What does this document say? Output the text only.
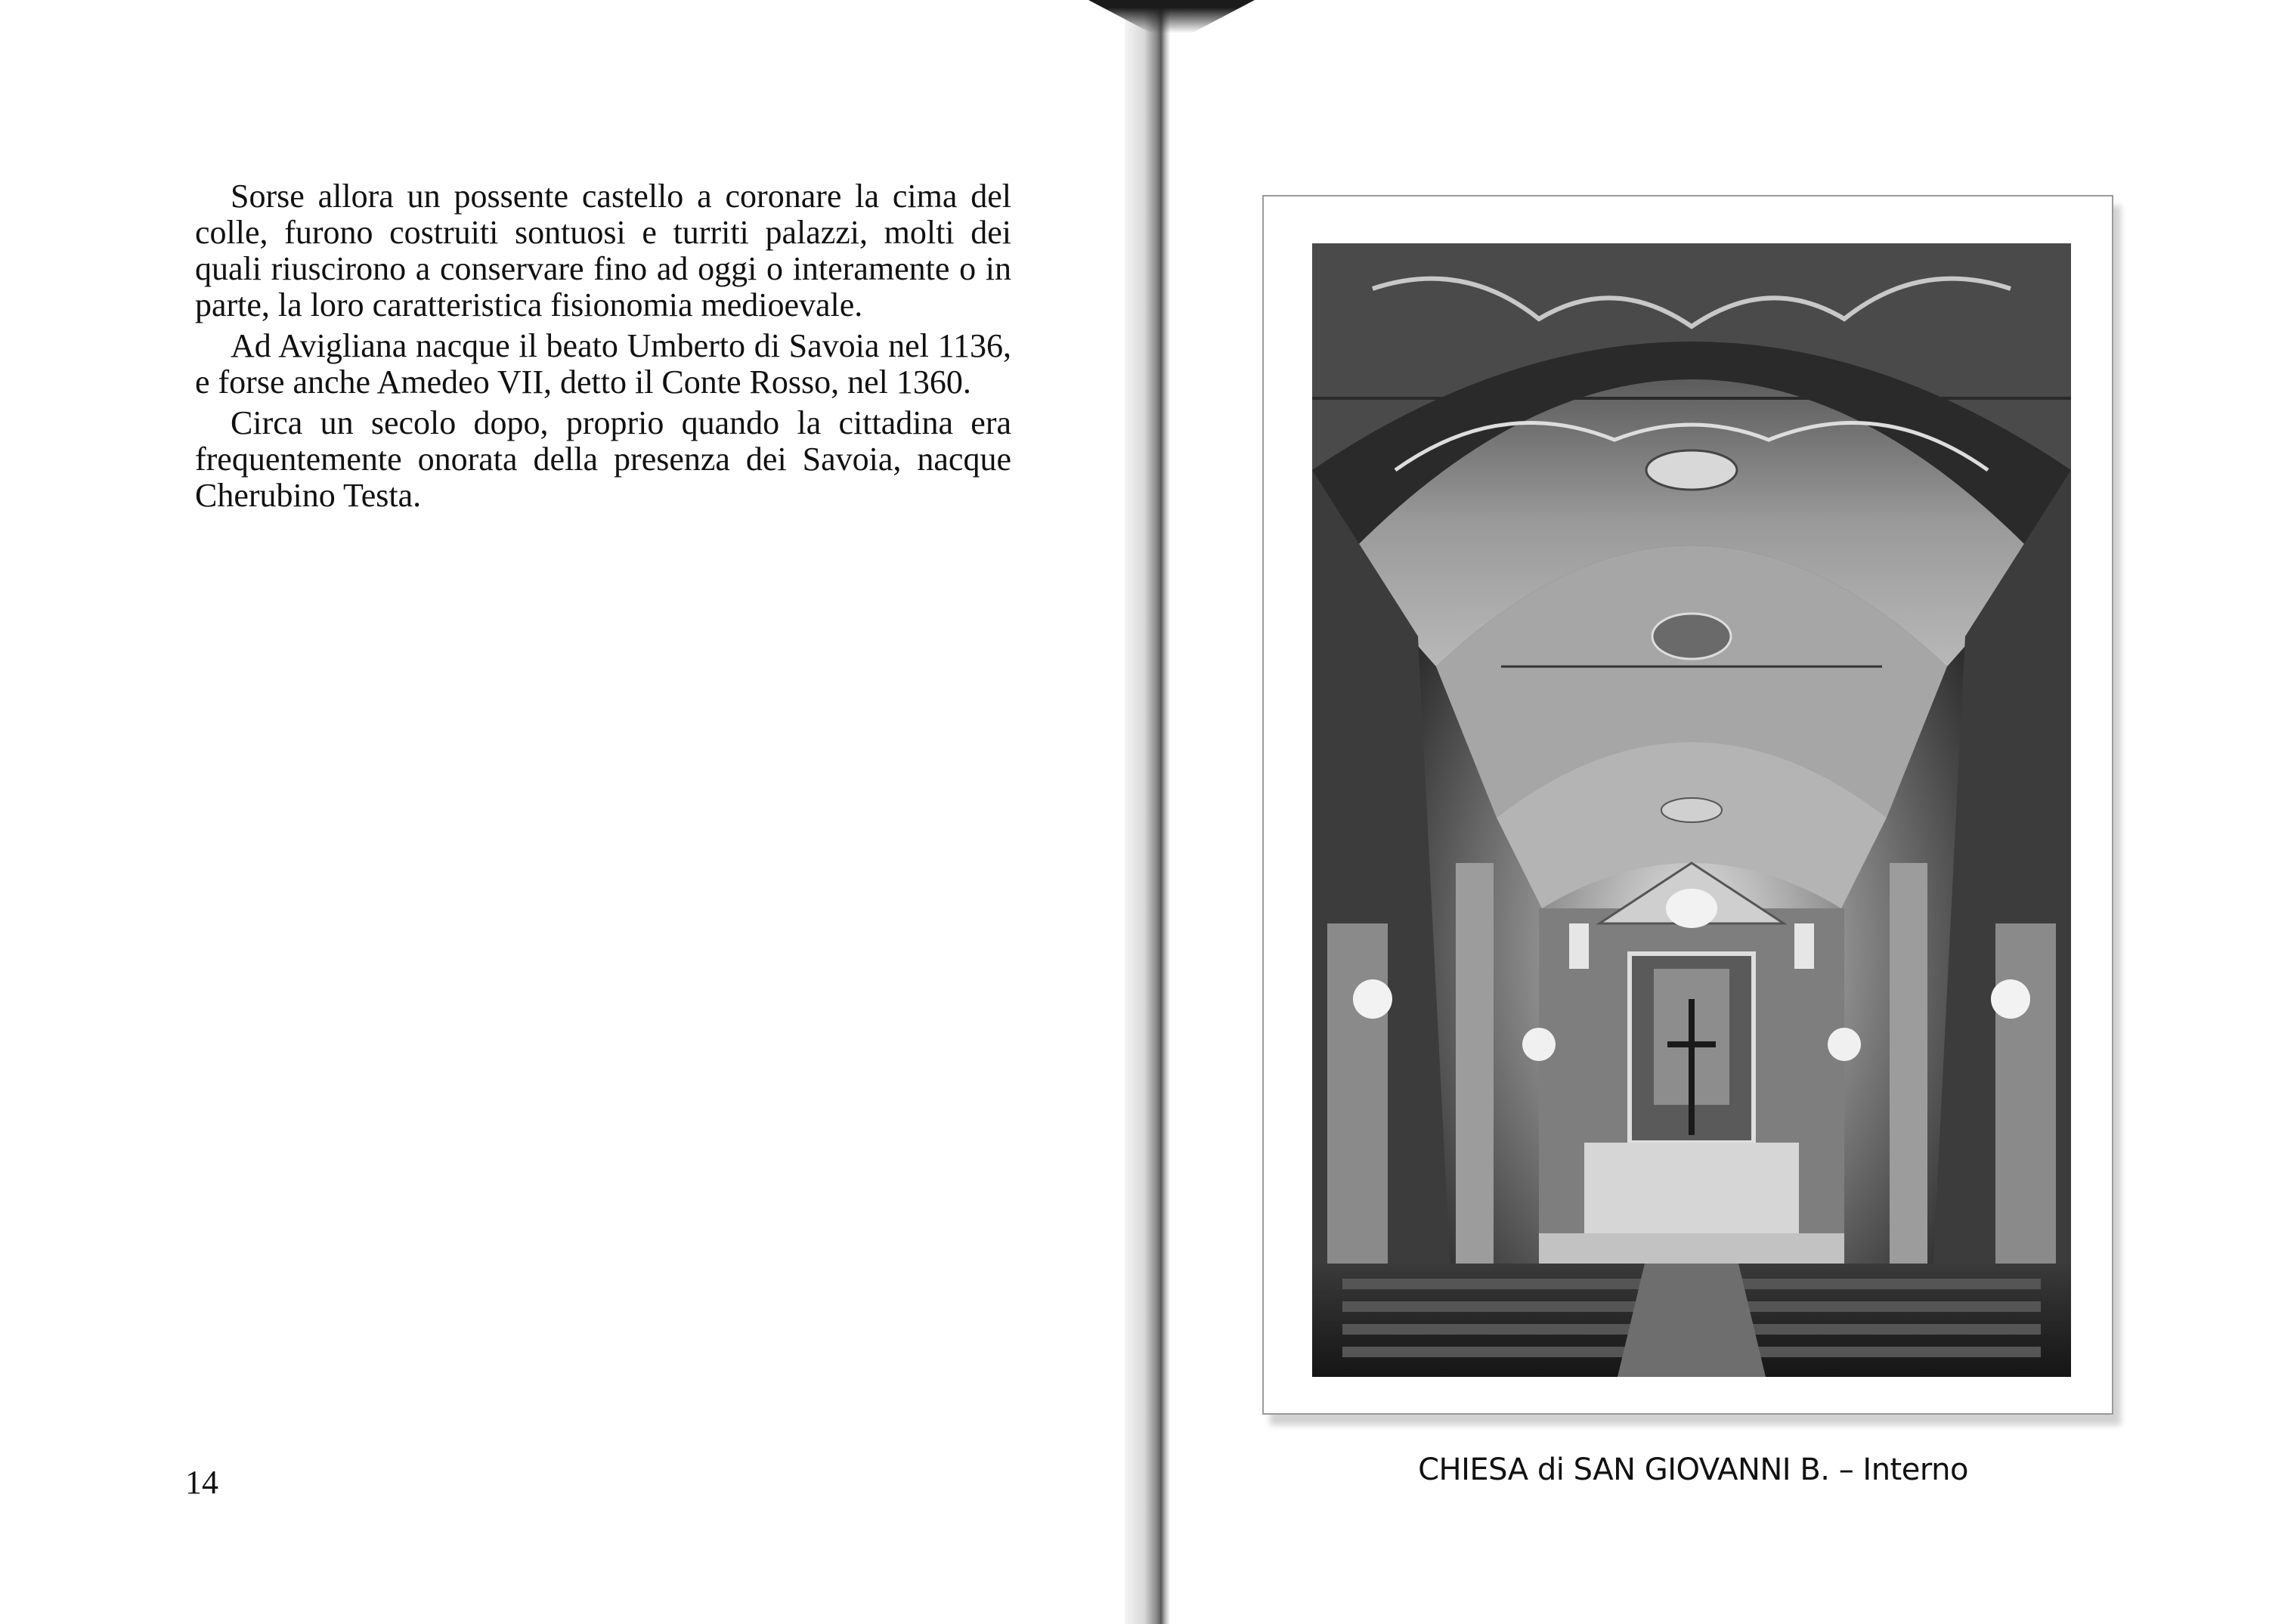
Sorse allora un possente castello a coronare la cima del colle, furono costruiti sontuosi e turriti palazzi, molti dei quali riuscirono a conservare fino ad oggi o interamente o in parte, la loro caratteristica fisionomia medioevale.

Ad Avigliana nacque il beato Umberto di Savoia nel 1136, e forse anche Amedeo VII, detto il Conte Rosso, nel 1360.

Circa un secolo dopo, proprio quando la cittadina era frequentemente onorata della presenza dei Savoia, nacque Cherubino Testa.

14	CHIESA di SAN GIOVANNI B. – Interno
